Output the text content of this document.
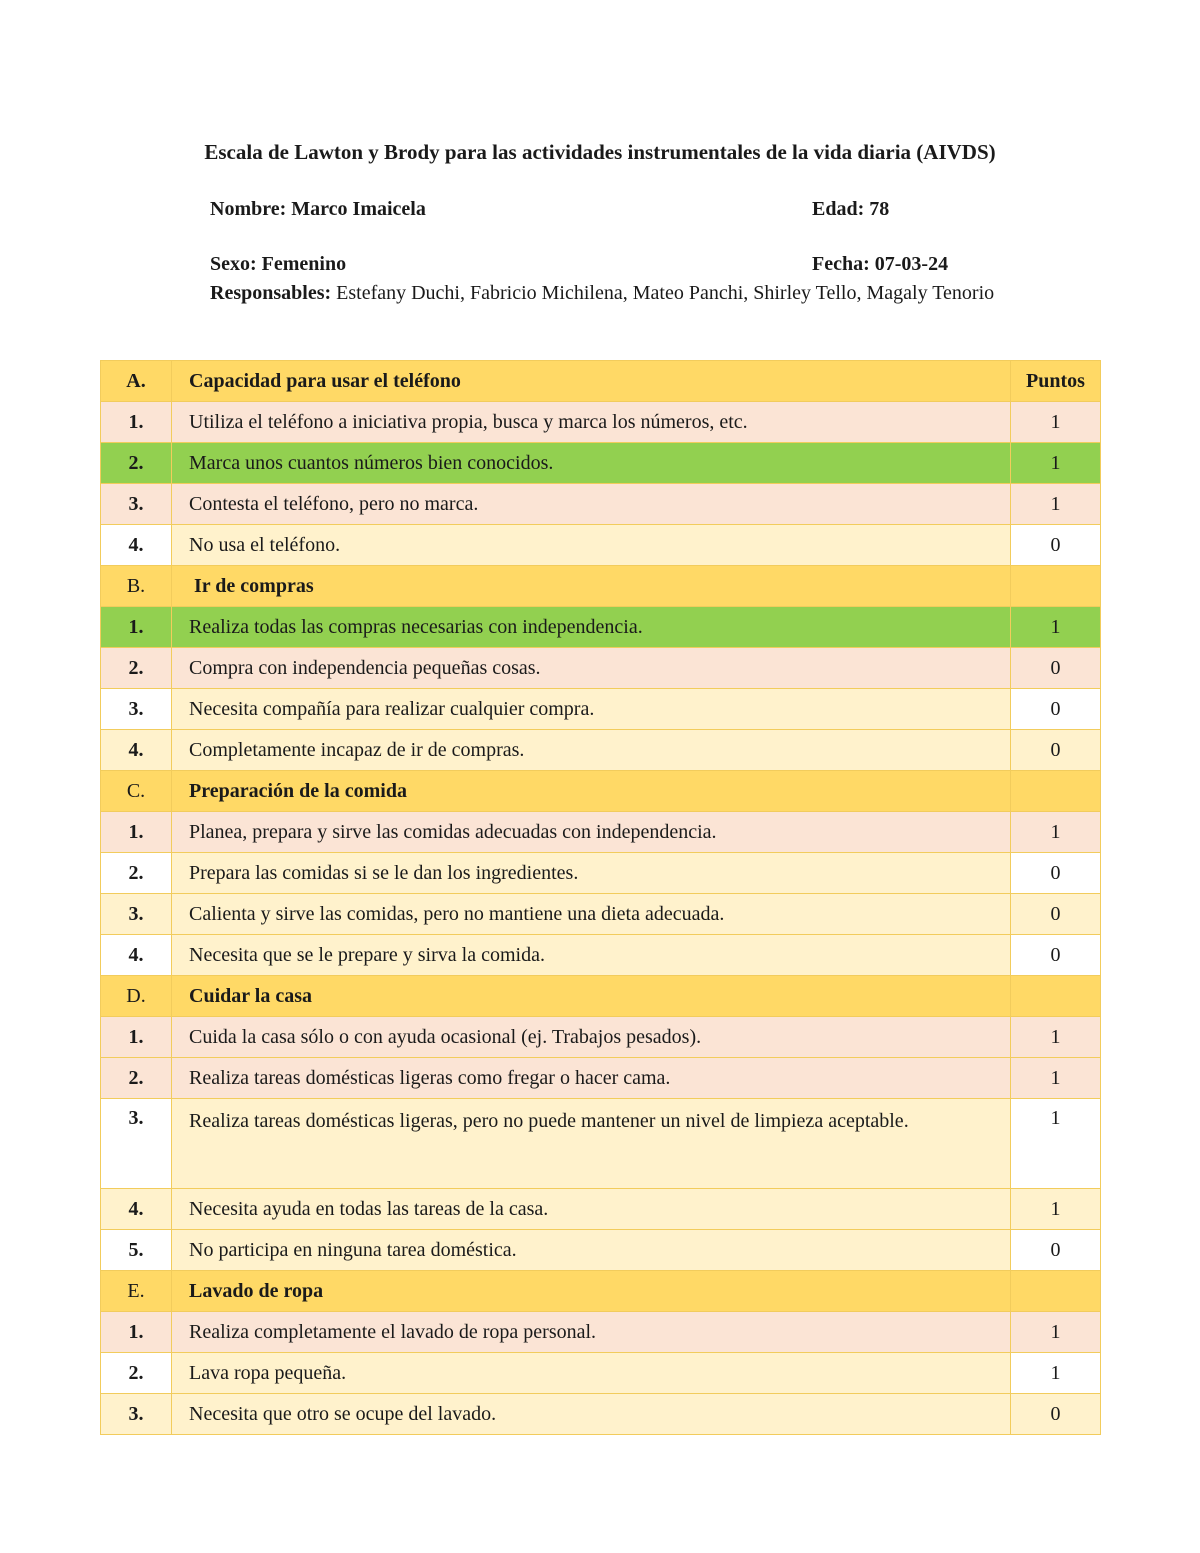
Escala de Lawton y Brody para las actividades instrumentales de la vida diaria (AIVDS)
Nombre: Marco Imaicela	Edad: 78
Sexo: Femenino	Fecha: 07-03-24
Responsables: Estefany Duchi, Fabricio Michilena, Mateo Panchi, Shirley Tello, Magaly Tenorio
A.	Capacidad para usar el teléfono	Puntos
1.	Utiliza el teléfono a iniciativa propia, busca y marca los números, etc.	1
2.	Marca unos cuantos números bien conocidos.	1
3.	Contesta el teléfono, pero no marca.	1
4.	No usa el teléfono.	0
B.	Ir de compras	
1.	Realiza todas las compras necesarias con independencia.	1
2.	Compra con independencia pequeñas cosas.	0
3.	Necesita compañía para realizar cualquier compra.	0
4.	Completamente incapaz de ir de compras.	0
C.	Preparación de la comida	
1.	Planea, prepara y sirve las comidas adecuadas con independencia.	1
2.	Prepara las comidas si se le dan los ingredientes.	0
3.	Calienta y sirve las comidas, pero no mantiene una dieta adecuada.	0
4.	Necesita que se le prepare y sirva la comida.	0
D.	Cuidar la casa	
1.	Cuida la casa sólo o con ayuda ocasional (ej. Trabajos pesados).	1
2.	Realiza tareas domésticas ligeras como fregar o hacer cama.	1
3.	Realiza tareas domésticas ligeras, pero no puede mantener un nivel de limpieza aceptable.	1
4.	Necesita ayuda en todas las tareas de la casa.	1
5.	No participa en ninguna tarea doméstica.	0
E.	Lavado de ropa	
1.	Realiza completamente el lavado de ropa personal.	1
2.	Lava ropa pequeña.	1
3.	Necesita que otro se ocupe del lavado.	0
